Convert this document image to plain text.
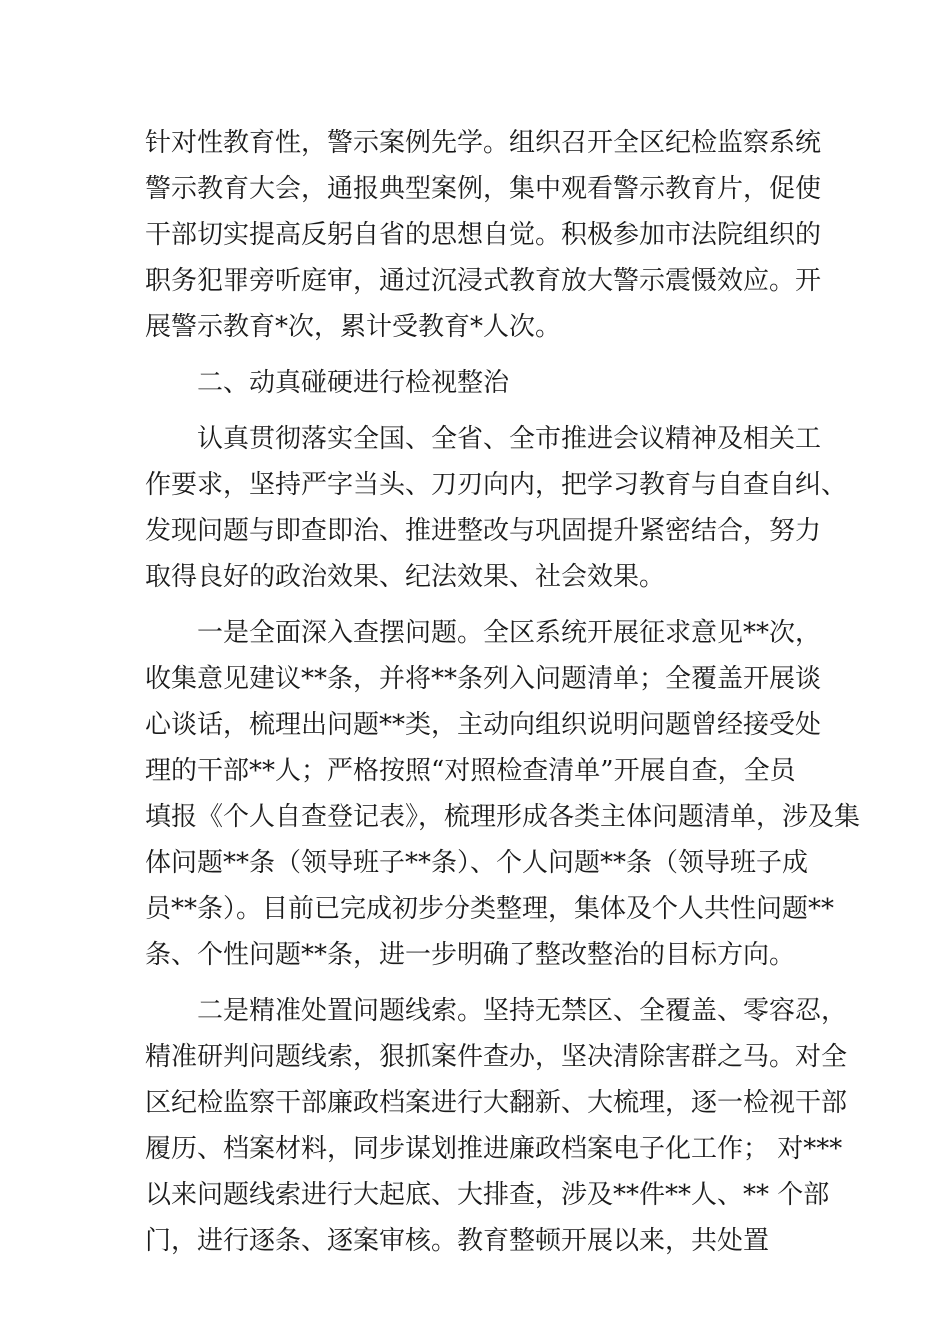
针对性教育性，警示案例先学。组织召开全区纪检监察系统
警示教育大会，通报典型案例，集中观看警示教育片，促使
干部切实提高反躬自省的思想自觉。积极参加市法院组织的
职务犯罪旁听庭审，通过沉浸式教育放大警示震慑效应。开
展警示教育*次，累计受教育*人次。
二、动真碰硬进行检视整治
认真贯彻落实全国、全省、全市推进会议精神及相关工
作要求，坚持严字当头、刀刃向内，把学习教育与自查自纠、
发现问题与即查即治、推进整改与巩固提升紧密结合，努力
取得良好的政治效果、纪法效果、社会效果。
一是全面深入查摆问题。全区系统开展征求意见**次，
收集意见建议**条，并将**条列入问题清单；全覆盖开展谈
心谈话，梳理出问题**类，主动向组织说明问题曾经接受处
理的干部**人；严格按照“对照检查清单”开展自查，全员
填报《个人自查登记表》，梳理形成各类主体问题清单，涉及集
体问题**条（领导班子**条）、个人问题**条（领导班子成
员**条）。目前已完成初步分类整理，集体及个人共性问题**
条、个性问题**条，进一步明确了整改整治的目标方向。
二是精准处置问题线索。坚持无禁区、全覆盖、零容忍，
精准研判问题线索，狠抓案件查办，坚决清除害群之马。对全
区纪检监察干部廉政档案进行大翻新、大梳理，逐一检视干部
履历、档案材料，同步谋划推进廉政档案电子化工作； 对***
以来问题线索进行大起底、大排查，涉及**件**人、** 个部
门，进行逐条、逐案审核。教育整顿开展以来，共处置
